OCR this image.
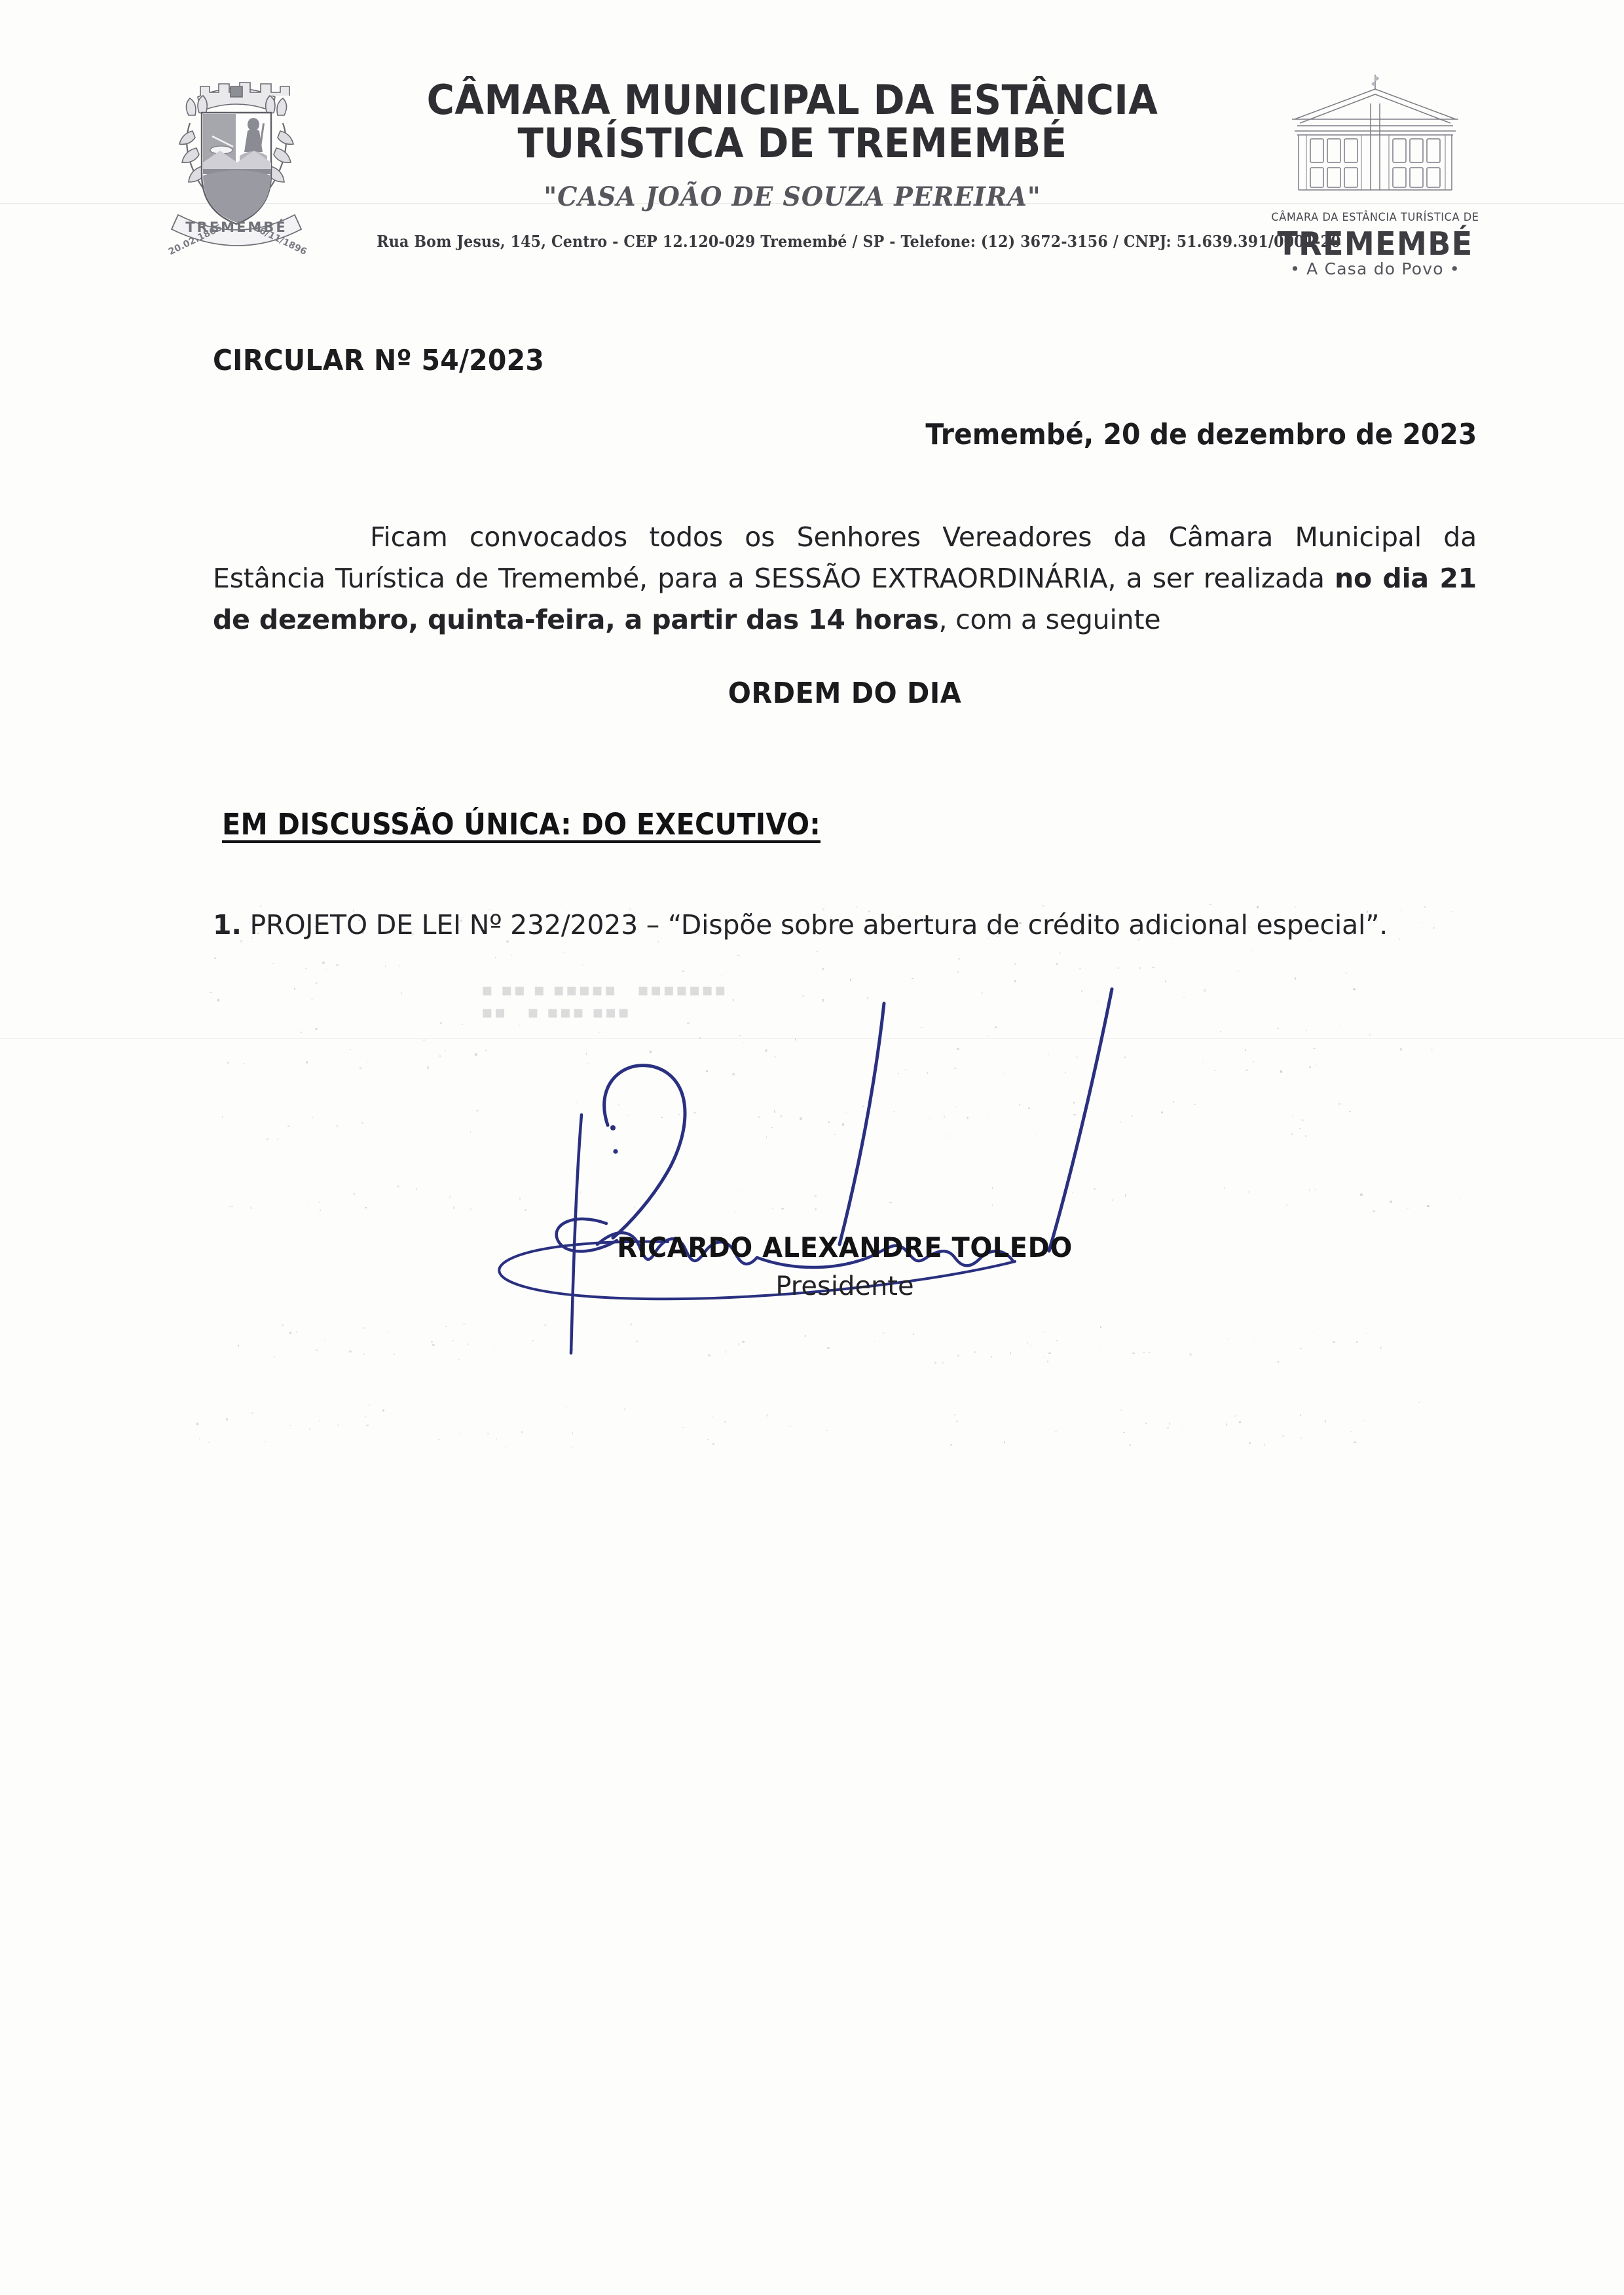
TREMEMBÉ
20.02.1866	26/11/1896
CÂMARA MUNICIPAL DA ESTÂNCIA
TURÍSTICA DE TREMEMBÉ
"CASA JOÃO DE SOUZA PEREIRA"
Rua Bom Jesus, 145, Centro - CEP 12.120-029 Tremembé / SP - Telefone: (12) 3672-3156 / CNPJ: 51.639.391/0001-20
CÂMARA DA ESTÂNCIA TURÍSTICA DE
TREMEMBÉ
• A Casa do Povo •
CIRCULAR Nº 54/2023
Tremembé, 20 de dezembro de 2023

Ficam convocados todos os Senhores Vereadores da Câmara Municipal da Estância Turística de Tremembé, para a SESSÃO EXTRAORDINÁRIA, a ser realizada no dia 21 de dezembro, quinta-feira, a partir das 14 horas, com a seguinte

ORDEM DO DIA
EM DISCUSSÃO ÚNICA: DO EXECUTIVO:

1. PROJETO DE LEI Nº 232/2023 – “Dispõe sobre abertura de crédito adicional especial”.

▪ ▪▪ ▪ ▪▪▪▪▪   ▪▪▪▪▪▪▪
▪▪   ▪ ▪▪▪ ▪▪▪
RICARDO ALEXANDRE TOLEDO
Presidente
